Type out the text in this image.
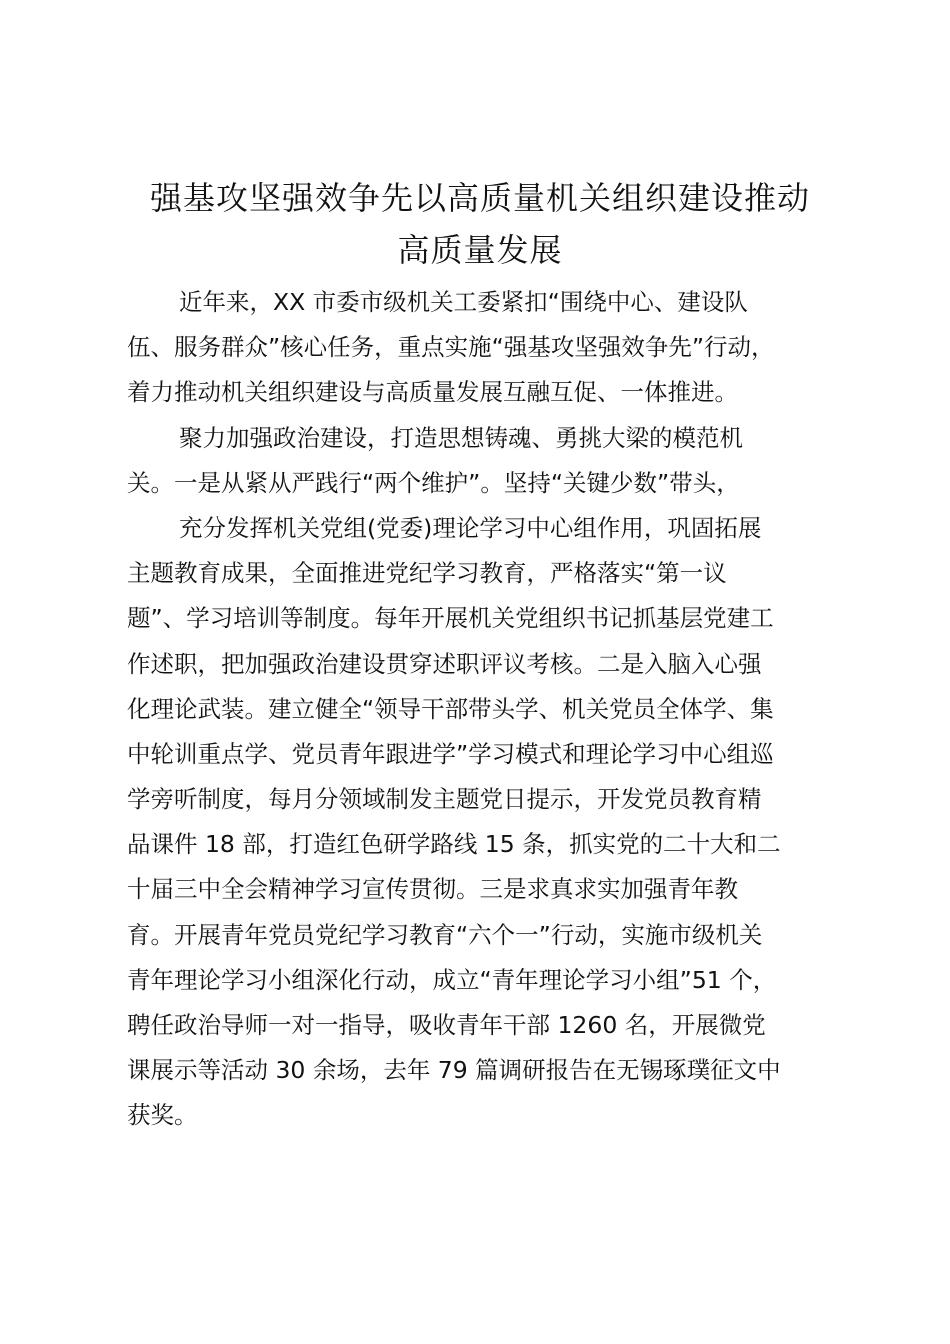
强基攻坚强效争先以高质量机关组织建设推动
高质量发展
近年来，XX 市委市级机关工委紧扣“围绕中心、建设队
伍、服务群众”核心任务，重点实施“强基攻坚强效争先”行动，
着力推动机关组织建设与高质量发展互融互促、一体推进。
聚力加强政治建设，打造思想铸魂、勇挑大梁的模范机
关。一是从紧从严践行“两个维护”。坚持“关键少数”带头，
充分发挥机关党组(党委)理论学习中心组作用，巩固拓展
主题教育成果，全面推进党纪学习教育，严格落实“第一议
题”、学习培训等制度。每年开展机关党组织书记抓基层党建工
作述职，把加强政治建设贯穿述职评议考核。二是入脑入心强
化理论武装。建立健全“领导干部带头学、机关党员全体学、集
中轮训重点学、党员青年跟进学”学习模式和理论学习中心组巡
学旁听制度，每月分领域制发主题党日提示，开发党员教育精
品课件 18 部，打造红色研学路线 15 条，抓实党的二十大和二
十届三中全会精神学习宣传贯彻。三是求真求实加强青年教
育。开展青年党员党纪学习教育“六个一”行动，实施市级机关
青年理论学习小组深化行动，成立“青年理论学习小组”51 个，
聘任政治导师一对一指导，吸收青年干部 1260 名，开展微党
课展示等活动 30 余场，去年 79 篇调研报告在无锡琢璞征文中
获奖。
